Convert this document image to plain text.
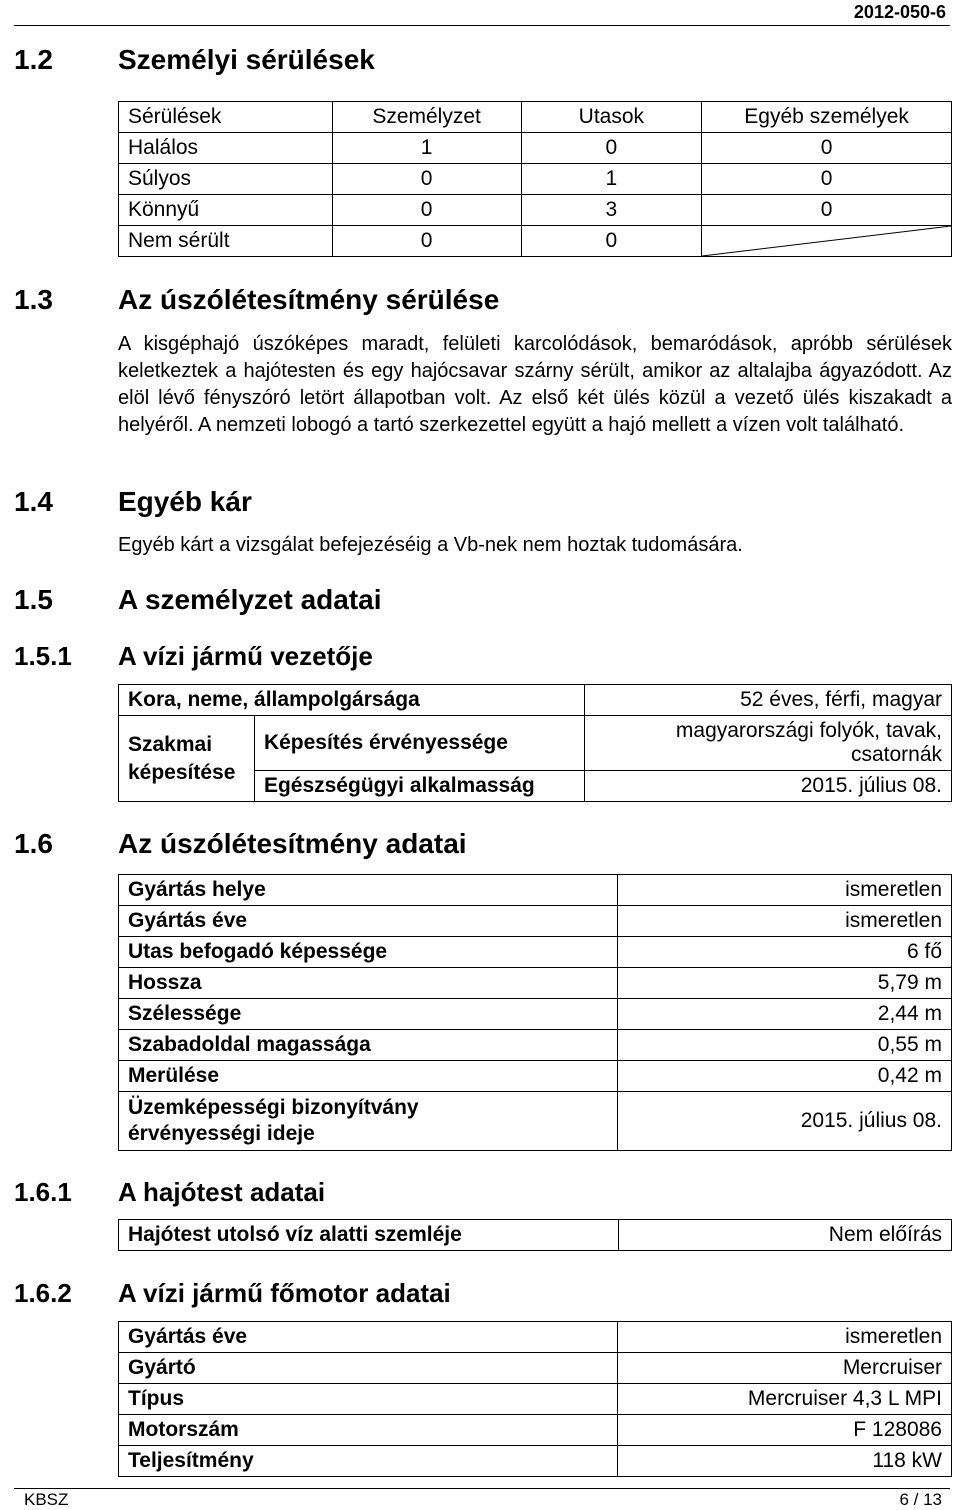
2012-050-6
1.2 Személyi sérülések
Sérülések	Személyzet	Utasok	Egyéb személyek
Halálos	1	0	0
Súlyos	0	1	0
Könnyű	0	3	0
Nem sérült	0	0	
1.3 Az úszólétesítmény sérülése
A kisgéphajó úszóképes maradt, felületi karcolódások, bemaródások, apróbb sérülések keletkeztek a hajótesten és egy hajócsavar szárny sérült, amikor az altalajba ágyazódott. Az elöl lévő fényszóró letört állapotban volt. Az első két ülés közül a vezető ülés kiszakadt a helyéről. A nemzeti lobogó a tartó szerkezettel együtt a hajó mellett a vízen volt található.
1.4 Egyéb kár
Egyéb kárt a vizsgálat befejezéséig a Vb-nek nem hoztak tudomására.
1.5 A személyzet adatai
1.5.1 A vízi jármű vezetője
Kora, neme, állampolgársága		52 éves, férfi, magyar
Szakmai képesítése	Képesítés érvényessége	magyarországi folyók, tavak, csatornák
	Egészségügyi alkalmasság	2015. július 08.
1.6 Az úszólétesítmény adatai
Gyártás helye	ismeretlen
Gyártás éve	ismeretlen
Utas befogadó képessége	6 fő
Hossza	5,79 m
Szélessége	2,44 m
Szabadoldal magassága	0,55 m
Merülése	0,42 m
Üzemképességi bizonyítvány érvényességi ideje	2015. július 08.
1.6.1 A hajótest adatai
Hajótest utolsó víz alatti szemléje	Nem előírás
1.6.2 A vízi jármű főmotor adatai
Gyártás éve	ismeretlen
Gyártó	Mercruiser
Típus	Mercruiser 4,3 L MPI
Motorszám	F 128086
Teljesítmény	118 kW
KBSZ	6 / 13
